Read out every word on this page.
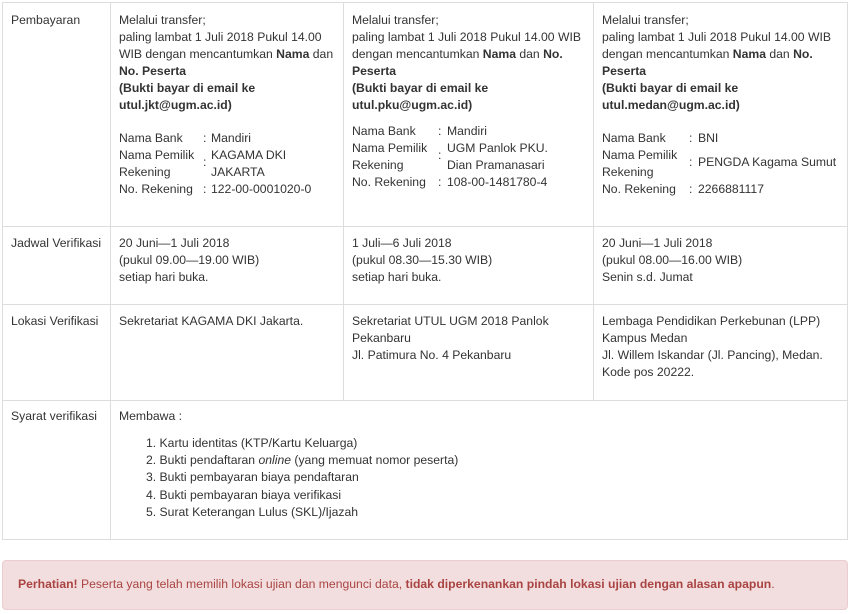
Pembayaran	Melalui transfer;
paling lambat 1 Juli 2018 Pukul 14.00
WIB dengan mencantumkan Nama dan
No. Peserta
(Bukti bayar di email ke
utul.jkt@ugm.ac.id)
Nama Bank
Nama Pemilik
Rekening
No. Rekening
:
:
:
Mandiri
KAGAMA DKI
JAKARTA
122-00-0001020-0
Melalui transfer;
paling lambat 1 Juli 2018 Pukul 14.00 WIB
dengan mencantumkan Nama dan No.
Peserta
(Bukti bayar di email ke
utul.pku@ugm.ac.id)
Nama Bank
Nama Pemilik
Rekening
No. Rekening
:
:
:
Mandiri
UGM Panlok PKU.
Dian Pramanasari
108-00-1481780-4
Melalui transfer;
paling lambat 1 Juli 2018 Pukul 14.00 WIB
dengan mencantumkan Nama dan No.
Peserta
(Bukti bayar di email ke
utul.medan@ugm.ac.id)
Nama Bank
Nama Pemilik
Rekening
No. Rekening
:
:
:
BNI
PENGDA Kagama Sumut
2266881117
Jadwal Verifikasi 20 Juni—1 Juli 2018
(pukul 09.00—19.00 WIB)
setiap hari buka.
1 Juli—6 Juli 2018
(pukul 08.30—15.30 WIB)
setiap hari buka.
20 Juni—1 Juli 2018
(pukul 08.00—16.00 WIB)
Senin s.d. Jumat
Lokasi Verifikasi Sekretariat KAGAMA DKI Jakarta.	Sekretariat UTUL UGM 2018 Panlok
Pekanbaru
Jl. Patimura No. 4 Pekanbaru
Lembaga Pendidikan Perkebunan (LPP)
Kampus Medan
Jl. Willem Iskandar (Jl. Pancing), Medan.
Kode pos 20222.
Syarat verifikasi Membawa :
1. Kartu identitas (KTP/Kartu Keluarga)
2. Bukti pendaftaran online (yang memuat nomor peserta)
3. Bukti pembayaran biaya pendaftaran
4. Bukti pembayaran biaya verifikasi
5. Surat Keterangan Lulus (SKL)/Ijazah
Perhatian! Peserta yang telah memilih lokasi ujian dan mengunci data, tidak diperkenankan pindah lokasi ujian dengan alasan apapun.
